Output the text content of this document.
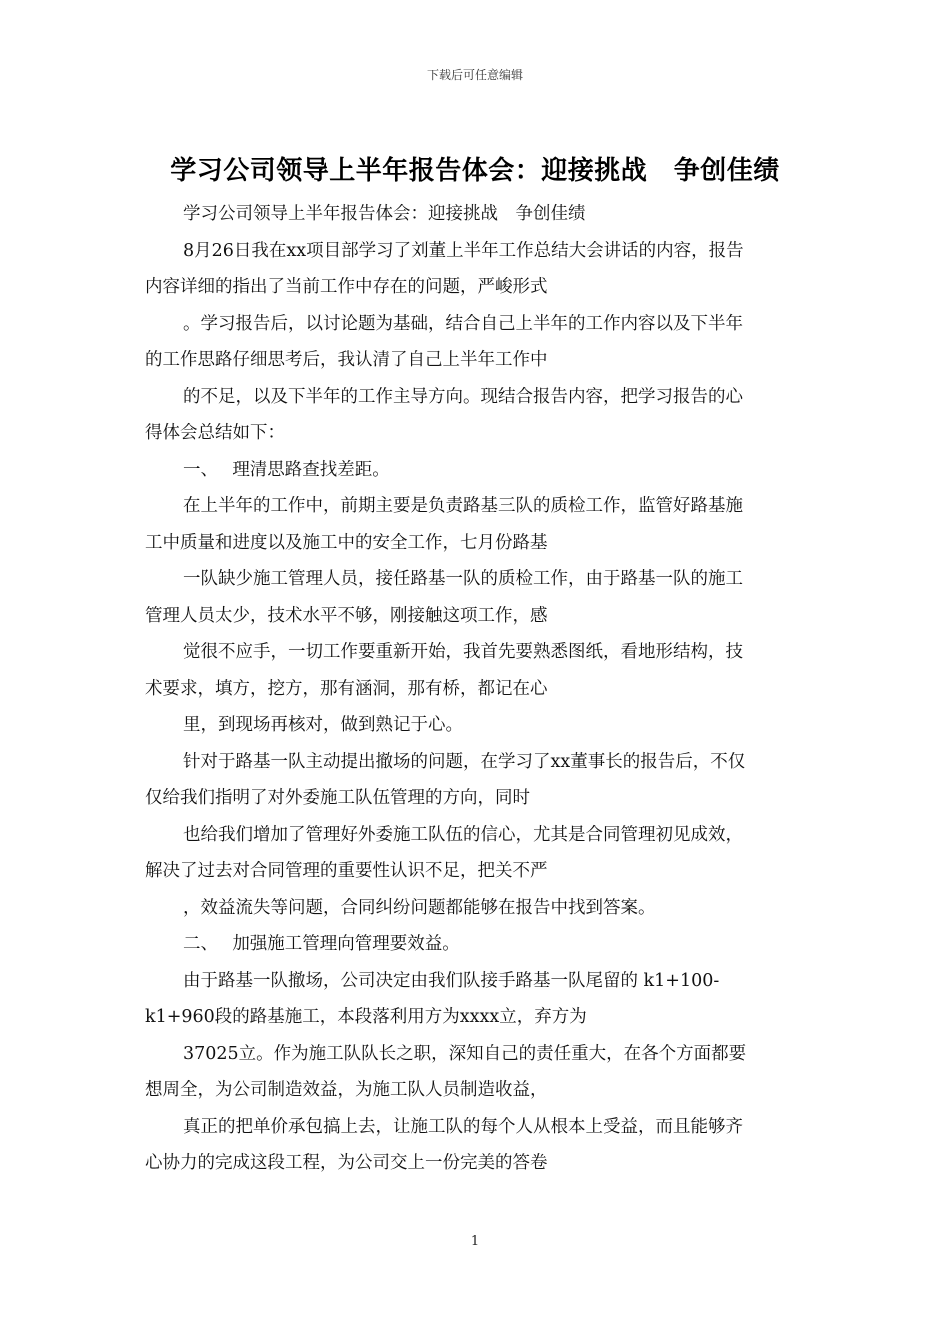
下载后可任意编辑
学习公司领导上半年报告体会：迎接挑战　争创佳绩

学习公司领导上半年报告体会：迎接挑战　争创佳绩

8月26日我在xx项目部学习了刘董上半年工作总结大会讲话的内容，报告
内容详细的指出了当前工作中存在的问题，严峻形式

。学习报告后，以讨论题为基础，结合自己上半年的工作内容以及下半年
的工作思路仔细思考后，我认清了自己上半年工作中

的不足，以及下半年的工作主导方向。现结合报告内容，把学习报告的心
得体会总结如下：

一、　 理清思路查找差距。

在上半年的工作中，前期主要是负责路基三队的质检工作，监管好路基施
工中质量和进度以及施工中的安全工作，七月份路基

一队缺少施工管理人员，接任路基一队的质检工作，由于路基一队的施工
管理人员太少，技术水平不够，刚接触这项工作，感

觉很不应手，一切工作要重新开始，我首先要熟悉图纸，看地形结构，技
术要求，填方，挖方，那有涵洞，那有桥，都记在心

里，到现场再核对，做到熟记于心。

针对于路基一队主动提出撤场的问题，在学习了xx董事长的报告后，不仅
仅给我们指明了对外委施工队伍管理的方向，同时

也给我们增加了管理好外委施工队伍的信心，尤其是合同管理初见成效，
解决了过去对合同管理的重要性认识不足，把关不严

，效益流失等问题，合同纠纷问题都能够在报告中找到答案。

二、　 加强施工管理向管理要效益。

由于路基一队撤场，公司决定由我们队接手路基一队尾留的 k1+100-
k1+960段的路基施工，本段落利用方为xxxx立，弃方为

37025立。作为施工队队长之职，深知自己的责任重大，在各个方面都要
想周全，为公司制造效益，为施工队人员制造收益，

真正的把单价承包搞上去，让施工队的每个人从根本上受益，而且能够齐
心协力的完成这段工程，为公司交上一份完美的答卷

1
